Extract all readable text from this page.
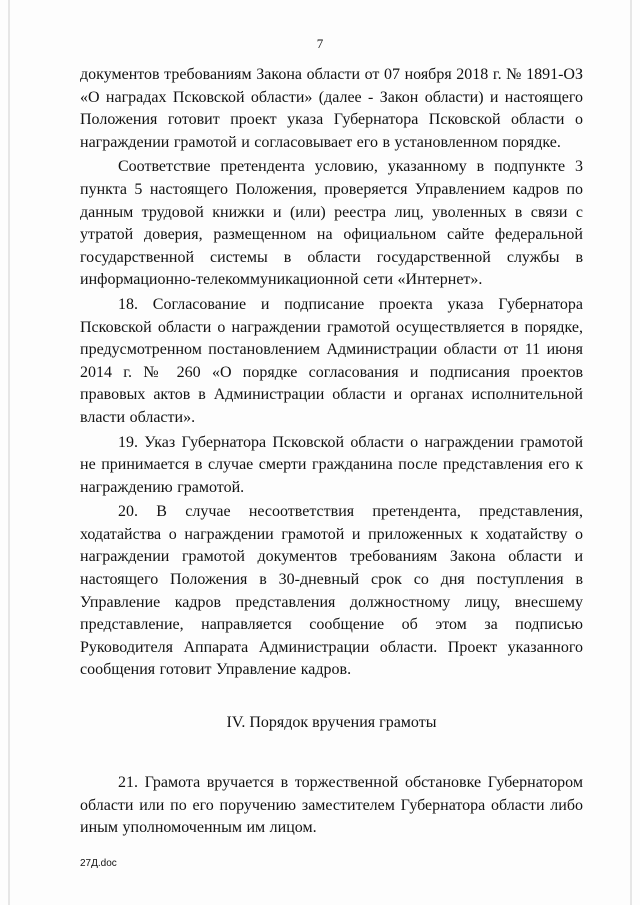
7

документов требованиям Закона области от 07 ноября 2018 г. № 1891-ОЗ «О наградах Псковской области» (далее - Закон области) и настоящего Положения готовит проект указа Губернатора Псковской области о награждении грамотой и согласовывает его в установленном порядке.

Соответствие претендента условию, указанному в подпункте 3 пункта 5 настоящего Положения, проверяется Управлением кадров по данным трудовой книжки и (или) реестра лиц, уволенных в связи с утратой доверия, размещенном на официальном сайте федеральной государственной системы в области государственной службы в информационно-телекоммуникационной сети «Интернет».

18. Согласование и подписание проекта указа Губернатора Псковской области о награждении грамотой осуществляется в порядке, предусмотренном постановлением Администрации области от 11 июня 2014 г. № 260 «О порядке согласования и подписания проектов правовых актов в Администрации области и органах исполнительной власти области».

19. Указ Губернатора Псковской области о награждении грамотой не принимается в случае смерти гражданина после представления его к награждению грамотой.

20. В случае несоответствия претендента, представления, ходатайства о награждении грамотой и приложенных к ходатайству о награждении грамотой документов требованиям Закона области и настоящего Положения в 30-дневный срок со дня поступления в Управление кадров представления должностному лицу, внесшему представление, направляется сообщение об этом за подписью Руководителя Аппарата Администрации области. Проект указанного сообщения готовит Управление кадров.

IV. Порядок вручения грамоты

21. Грамота вручается в торжественной обстановке Губернатором области или по его поручению заместителем Губернатора области либо иным уполномоченным им лицом.

27Д.doc
